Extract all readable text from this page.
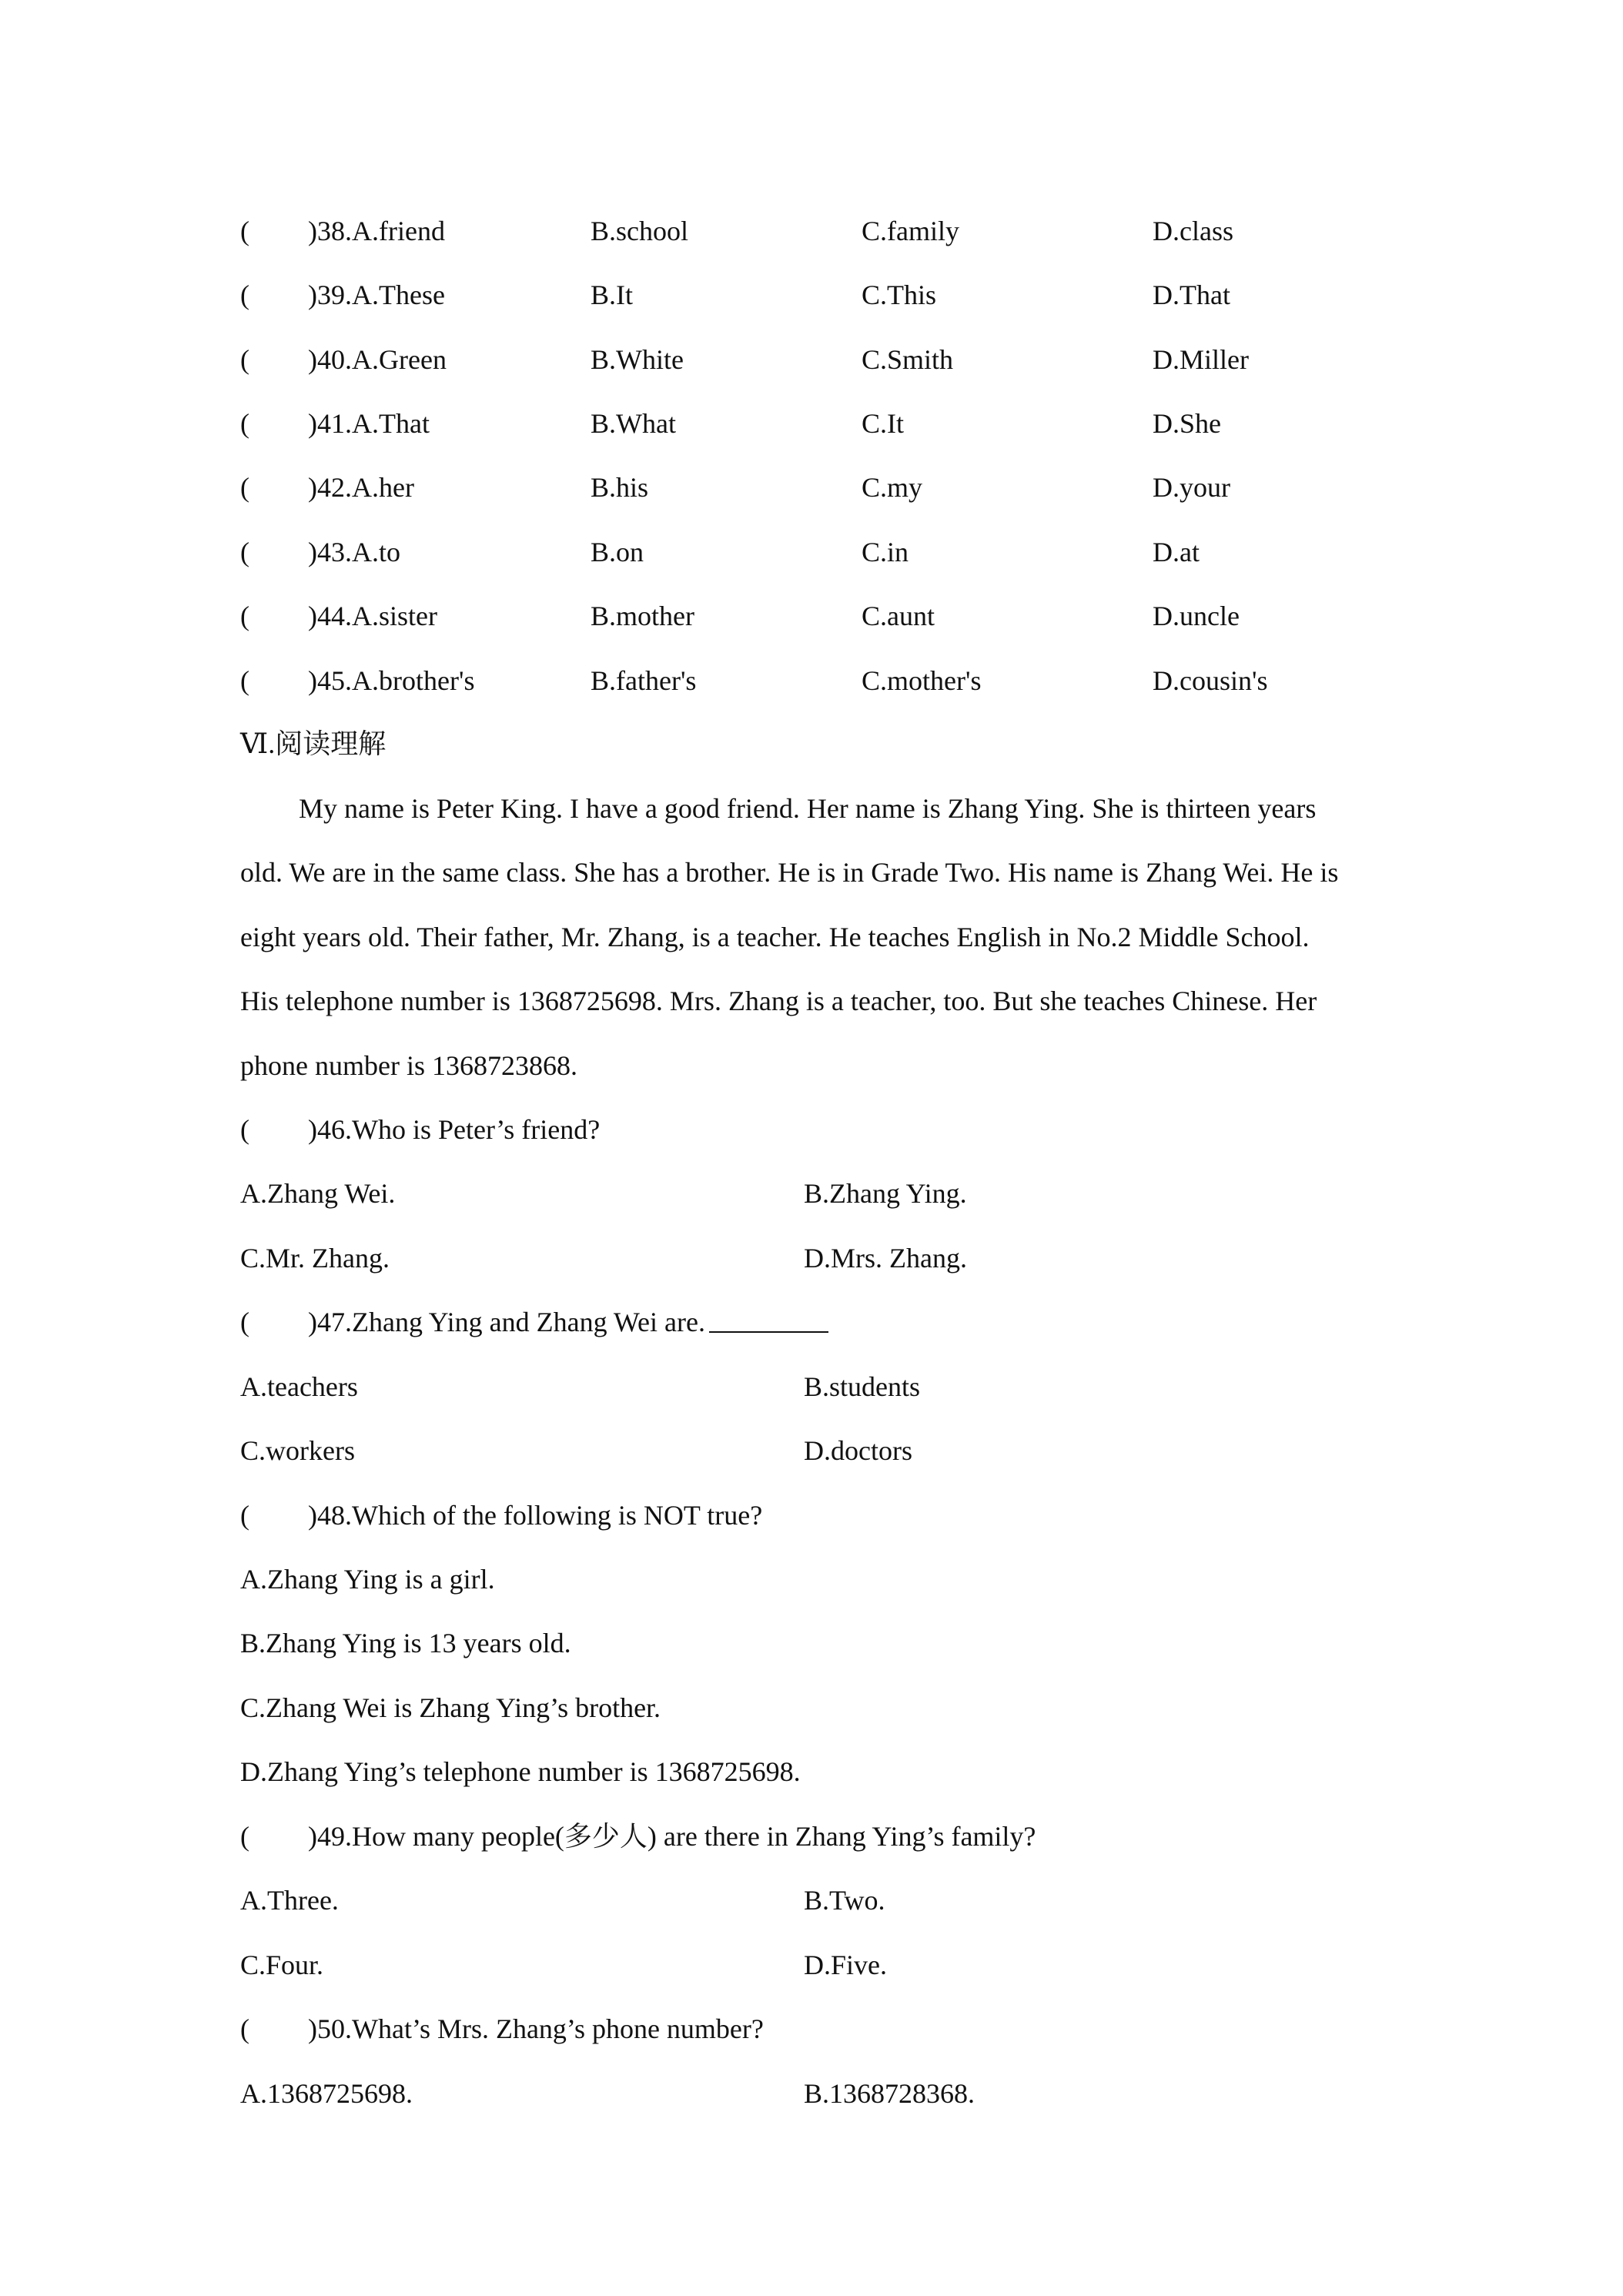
( )38.A.friend	B.school	C.family	D.class
( )39.A.These	B.It	C.This	D.That
( )40.A.Green	B.White	C.Smith	D.Miller
( )41.A.That	B.What	C.It	D.She
( )42.A.her	B.his	C.my	D.your
( )43.A.to	B.on	C.in	D.at
( )44.A.sister	B.mother	C.aunt	D.uncle
( )45.A.brother's	B.father's	C.mother's	D.cousin's
Ⅵ.阅读理解
My name is Peter King. I have a good friend. Her name is Zhang Ying. She is thirteen years
old. We are in the same class. She has a brother. He is in Grade Two. His name is Zhang Wei. He is
eight years old. Their father, Mr. Zhang, is a teacher. He teaches English in No.2 Middle School.
His telephone number is 1368725698. Mrs. Zhang is a teacher, too. But she teaches Chinese. Her
phone number is 1368723868.
( )46.Who is Peter’s friend?
A.Zhang Wei.	B.Zhang Ying.
C.Mr. Zhang.	D.Mrs. Zhang.
( )47.Zhang Ying and Zhang Wei are
.
A.teachers	B.students
C.workers	D.doctors
( )48.Which of the following is NOT true?
A.Zhang Ying is a girl.
B.Zhang Ying is 13 years old.
C.Zhang Wei is Zhang Ying’s brother.
D.Zhang Ying’s telephone number is 1368725698.
( )49.How many people(多少人) are there in Zhang Ying’s family?
A.Three.	B.Two.
C.Four.	D.Five.
( )50.What’s Mrs. Zhang’s phone number?
A.1368725698.	B.1368728368.
